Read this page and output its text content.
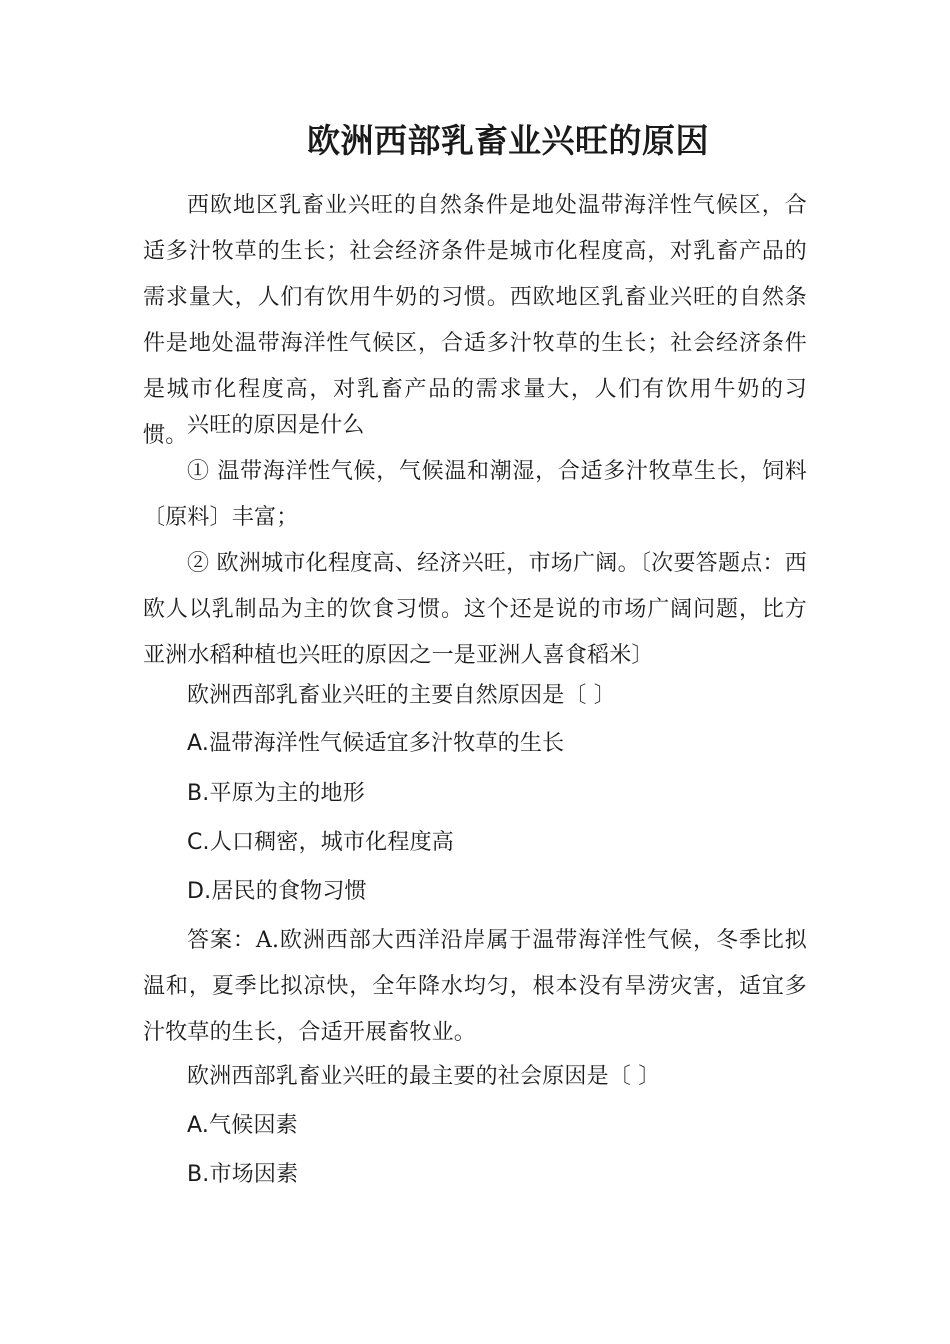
欧洲西部乳畜业兴旺的原因

西欧地区乳畜业兴旺的自然条件是地处温带海洋性气候区，合适多汁牧草的生长；社会经济条件是城市化程度高，对乳畜产品的需求量大，人们有饮用牛奶的习惯。西欧地区乳畜业兴旺的自然条件是地处温带海洋性气候区，合适多汁牧草的生长；社会经济条件是城市化程度高，对乳畜产品的需求量大，人们有饮用牛奶的习惯。 兴旺的原因是什么

① 温带海洋性气候，气候温和潮湿，合适多汁牧草生长，饲料〔原料〕丰富；

② 欧洲城市化程度高、经济兴旺，市场广阔。〔次要答题点：西欧人以乳制品为主的饮食习惯。这个还是说的市场广阔问题，比方亚洲水稻种植也兴旺的原因之一是亚洲人喜食稻米〕

欧洲西部乳畜业兴旺的主要自然原因是〔 〕

A.温带海洋性气候适宜多汁牧草的生长

B.平原为主的地形

C.人口稠密，城市化程度高

D.居民的食物习惯

答案：A.欧洲西部大西洋沿岸属于温带海洋性气候，冬季比拟温和，夏季比拟凉快，全年降水均匀，根本没有旱涝灾害，适宜多汁牧草的生长，合适开展畜牧业。

欧洲西部乳畜业兴旺的最主要的社会原因是〔 〕

A.气候因素

B.市场因素
